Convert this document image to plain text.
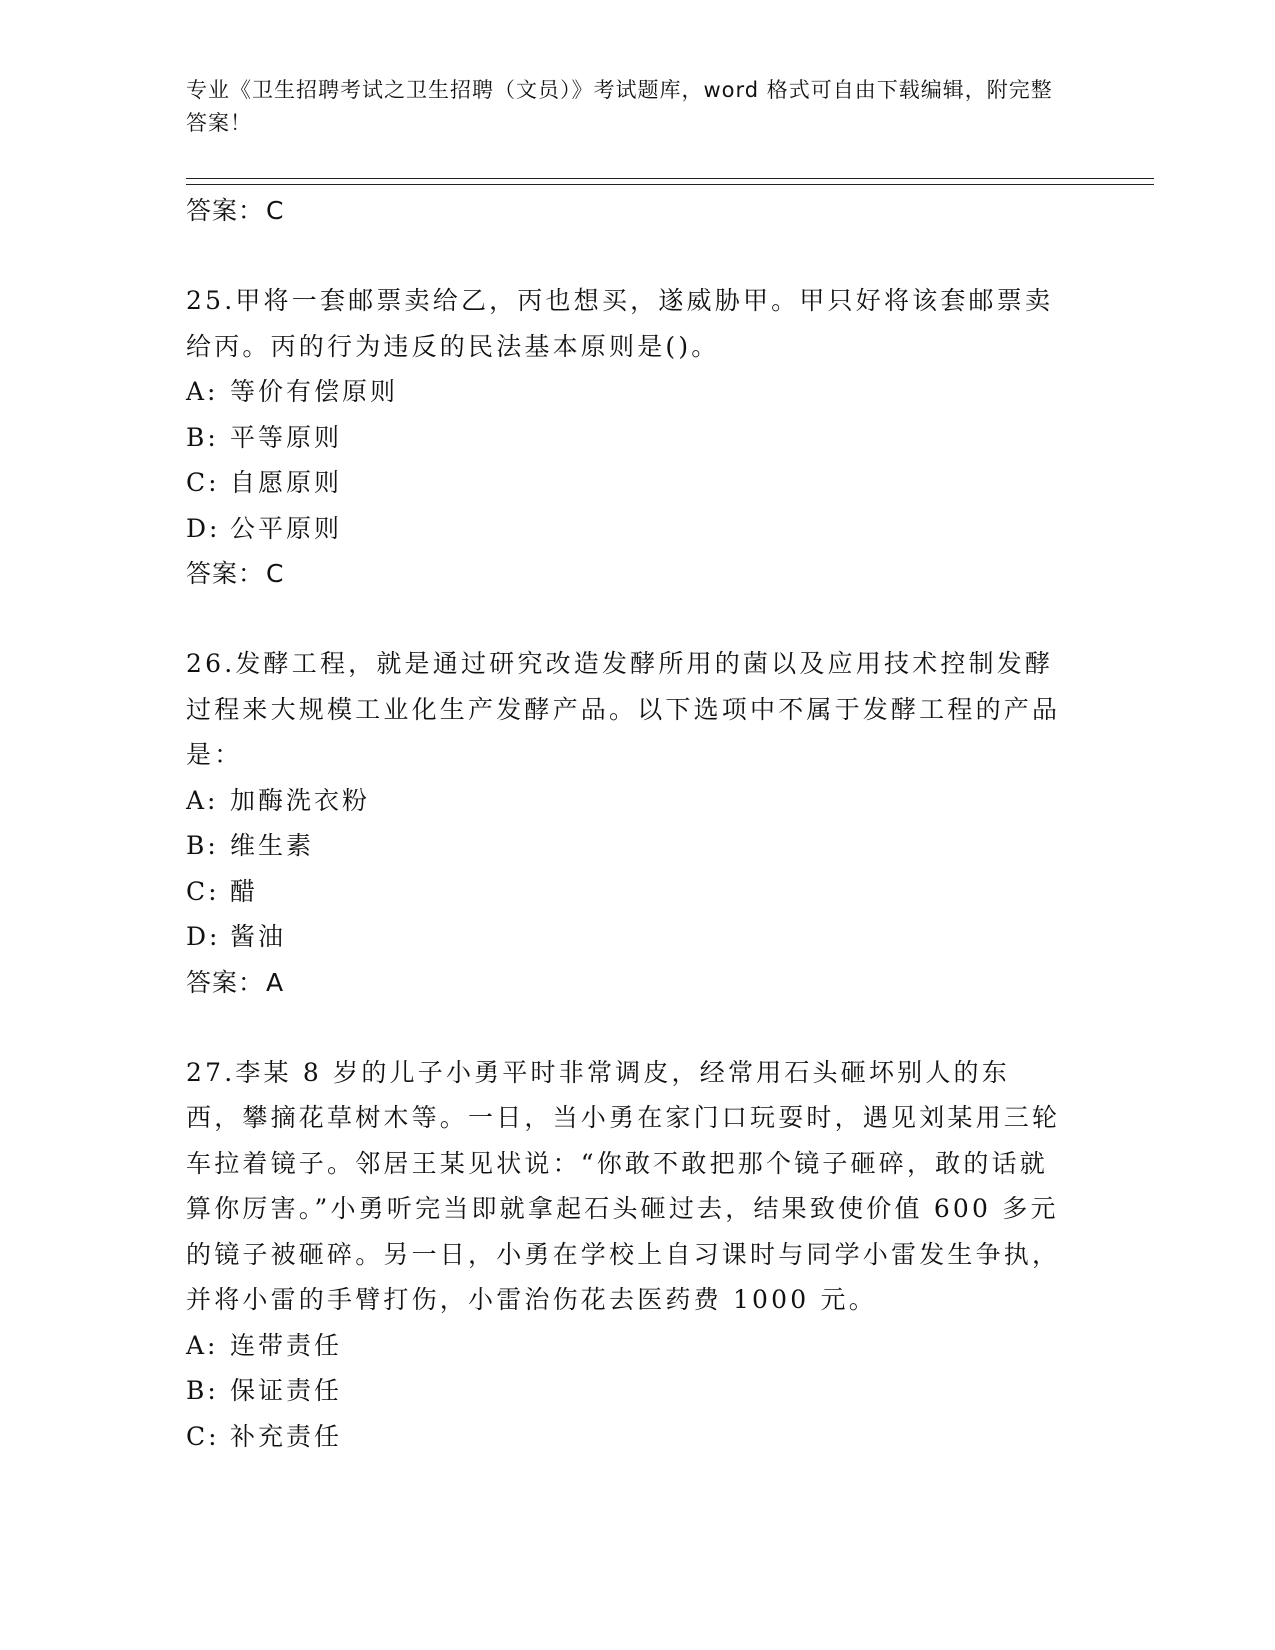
专业《卫生招聘考试之卫生招聘（文员）》考试题库，word 格式可自由下载编辑，附完整答案！
答案：C
25.甲将一套邮票卖给乙，丙也想买，遂威胁甲。甲只好将该套邮票卖给丙。丙的行为违反的民法基本原则是()。
A: 等价有偿原则
B: 平等原则
C: 自愿原则
D: 公平原则
答案：C
26.发酵工程，就是通过研究改造发酵所用的菌以及应用技术控制发酵过程来大规模工业化生产发酵产品。以下选项中不属于发酵工程的产品是：
A: 加酶洗衣粉
B: 维生素
C: 醋
D: 酱油
答案：A
27.李某 8 岁的儿子小勇平时非常调皮，经常用石头砸坏别人的东西，攀摘花草树木等。一日，当小勇在家门口玩耍时，遇见刘某用三轮车拉着镜子。邻居王某见状说：“你敢不敢把那个镜子砸碎，敢的话就算你厉害。”小勇听完当即就拿起石头砸过去，结果致使价值 600 多元的镜子被砸碎。另一日，小勇在学校上自习课时与同学小雷发生争执，并将小雷的手臂打伤，小雷治伤花去医药费 1000 元。
A: 连带责任
B: 保证责任
C: 补充责任
